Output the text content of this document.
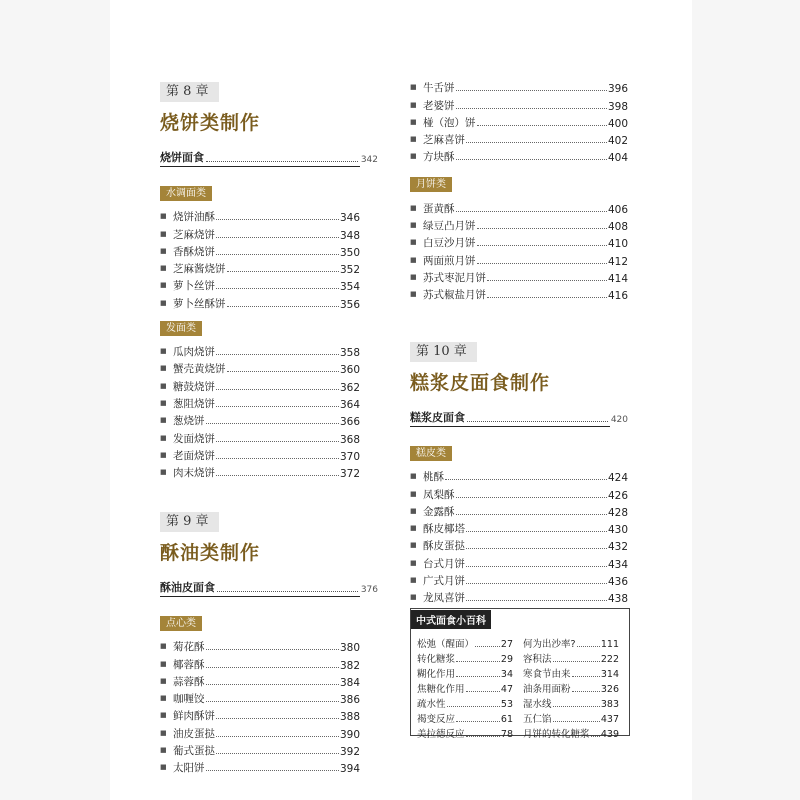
第 8 章
烧饼类制作
烧饼面食	342
水调面类
■ 烧饼油酥	346
■ 芝麻烧饼	348
■ 香酥烧饼	350
■ 芝麻酱烧饼	352
■ 萝卜丝饼	354
■ 萝卜丝酥饼	356
发面类
■ 瓜肉烧饼	358
■ 蟹壳黄烧饼	360
■ 糖鼓烧饼	362
■ 葱阻烧饼	364
■ 葱烧饼	366
■ 发面烧饼	368
■ 老面烧饼	370
■ 肉末烧饼	372
第 9 章
酥油类制作
酥油皮面食	376
点心类
■ 菊花酥	380
■ 椰蓉酥	382
■ 蒜蓉酥	384
■ 咖喱饺	386
■ 鲜肉酥饼	388
■ 油皮蛋挞	390
■ 葡式蛋挞	392
■ 太阳饼	394
■ 牛舌饼	396
■ 老婆饼	398
■ 椪（泡）饼	400
■ 芝麻喜饼	402
■ 方块酥	404
月饼类
■ 蛋黄酥	406
■ 绿豆凸月饼	408
■ 白豆沙月饼	410
■ 两面煎月饼	412
■ 苏式枣泥月饼	414
■ 苏式椒盐月饼	416
第 10 章
糕浆皮面食制作
糕浆皮面食	420
糕皮类
■ 桃酥	424
■ 凤梨酥	426
■ 金露酥	428
■ 酥皮椰塔	430
■ 酥皮蛋挞	432
■ 台式月饼	434
■ 广式月饼	436
■ 龙凤喜饼	438
中式面食小百科
松弛（醒面）	27
转化糖浆	29
糊化作用	34
焦糖化作用	47
疏水性	53
褐变反应	61
美拉德反应	78
何为出沙率?	111
容积法	222
寒食节由来	314
油条用面粉	326
湿水线	383
五仁馅	437
月饼的转化糖浆 439
